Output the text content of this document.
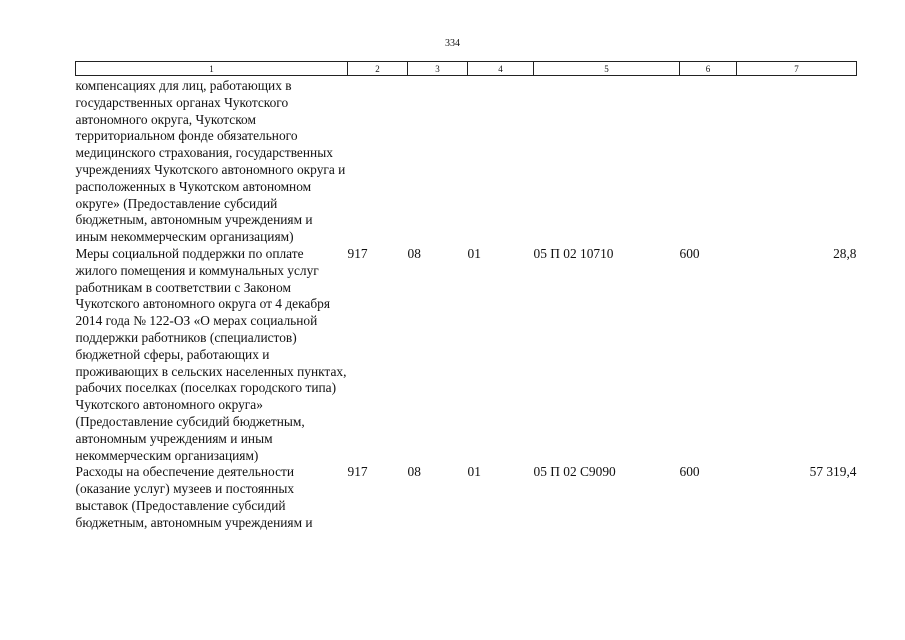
334
1	2	3	4	5	6	7

компенсациях для лиц, работающих в государственных органах Чукотского автономного округа, Чукотском территориальном фонде обязательного медицинского страхования, государственных учреждениях Чукотского автономного округа и расположенных в Чукотском автономном округе» (Предоставление субсидий бюджетным, автономным учреждениям и иным некоммерческим организациям)						
Меры социальной поддержки по оплате жилого помещения и коммунальных услуг работникам в соответствии с Законом Чукотского автономного округа от 4 декабря 2014 года № 122-ОЗ «О мерах социальной поддержки работников (специалистов) бюджетной сферы, работающих и проживающих в сельских населенных пунктах, рабочих поселках (поселках городского типа) Чукотского автономного округа» (Предоставление субсидий бюджетным, автономным учреждениям и иным некоммерческим организациям)	917	08	01	05 П 02 10710	600	28,8
Расходы на обеспечение деятельности (оказание услуг) музеев и постоянных выставок (Предоставление субсидий бюджетным, автономным учреждениям и	917	08	01	05 П 02 С9090	600	57 319,4
